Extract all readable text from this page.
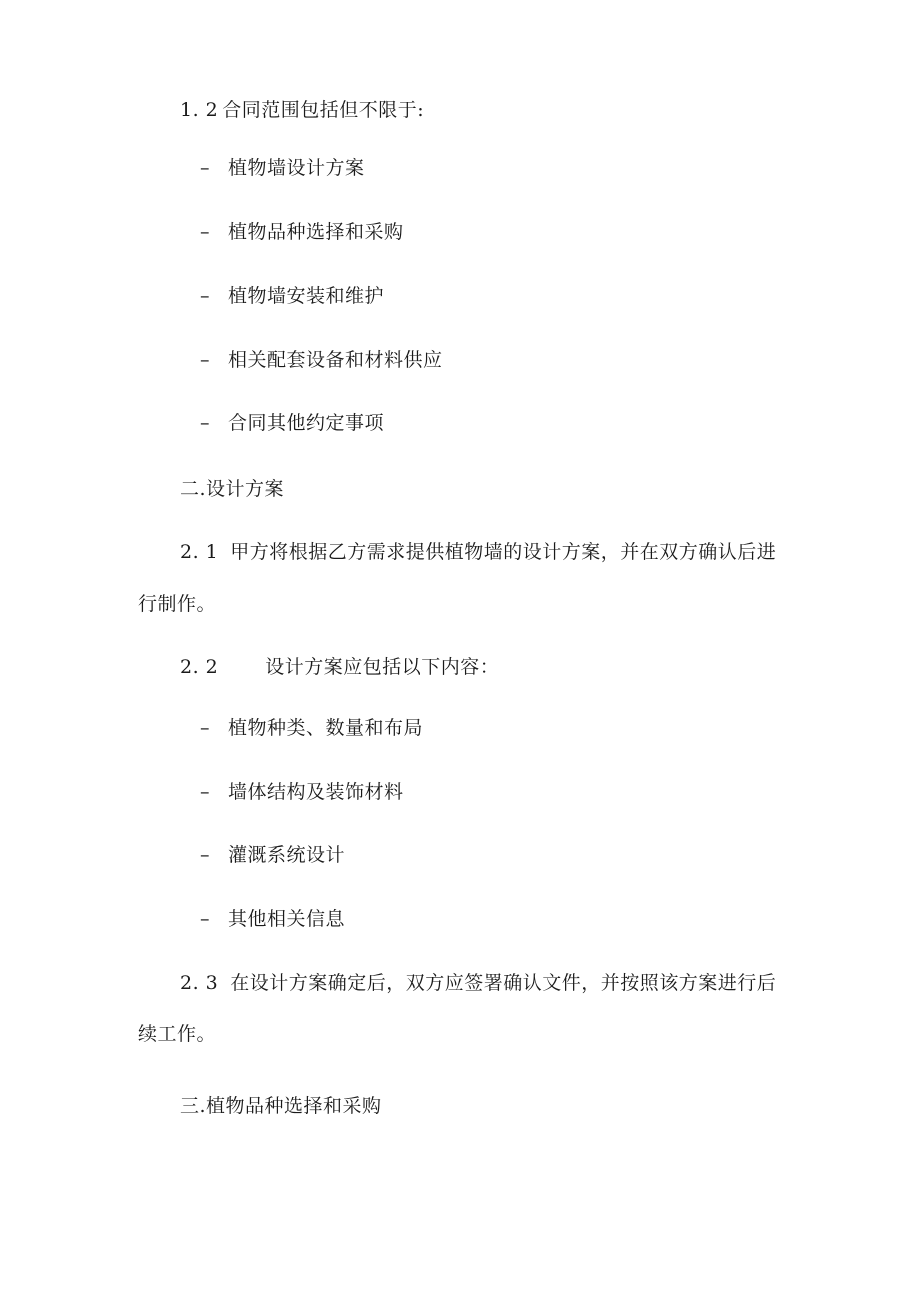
1. 2 合同范围包括但不限于:
– 植物墙设计方案
– 植物品种选择和采购
– 植物墙安装和维护
– 相关配套设备和材料供应
– 合同其他约定事项
二.设计方案
2. 1 甲方将根据乙方需求提供植物墙的设计方案，并在双方确认后进
行制作。
2. 2 设计方案应包括以下内容：
– 植物种类、数量和布局
– 墙体结构及装饰材料
– 灌溉系统设计
– 其他相关信息
2. 3 在设计方案确定后，双方应签署确认文件，并按照该方案进行后
续工作。
三.植物品种选择和采购
